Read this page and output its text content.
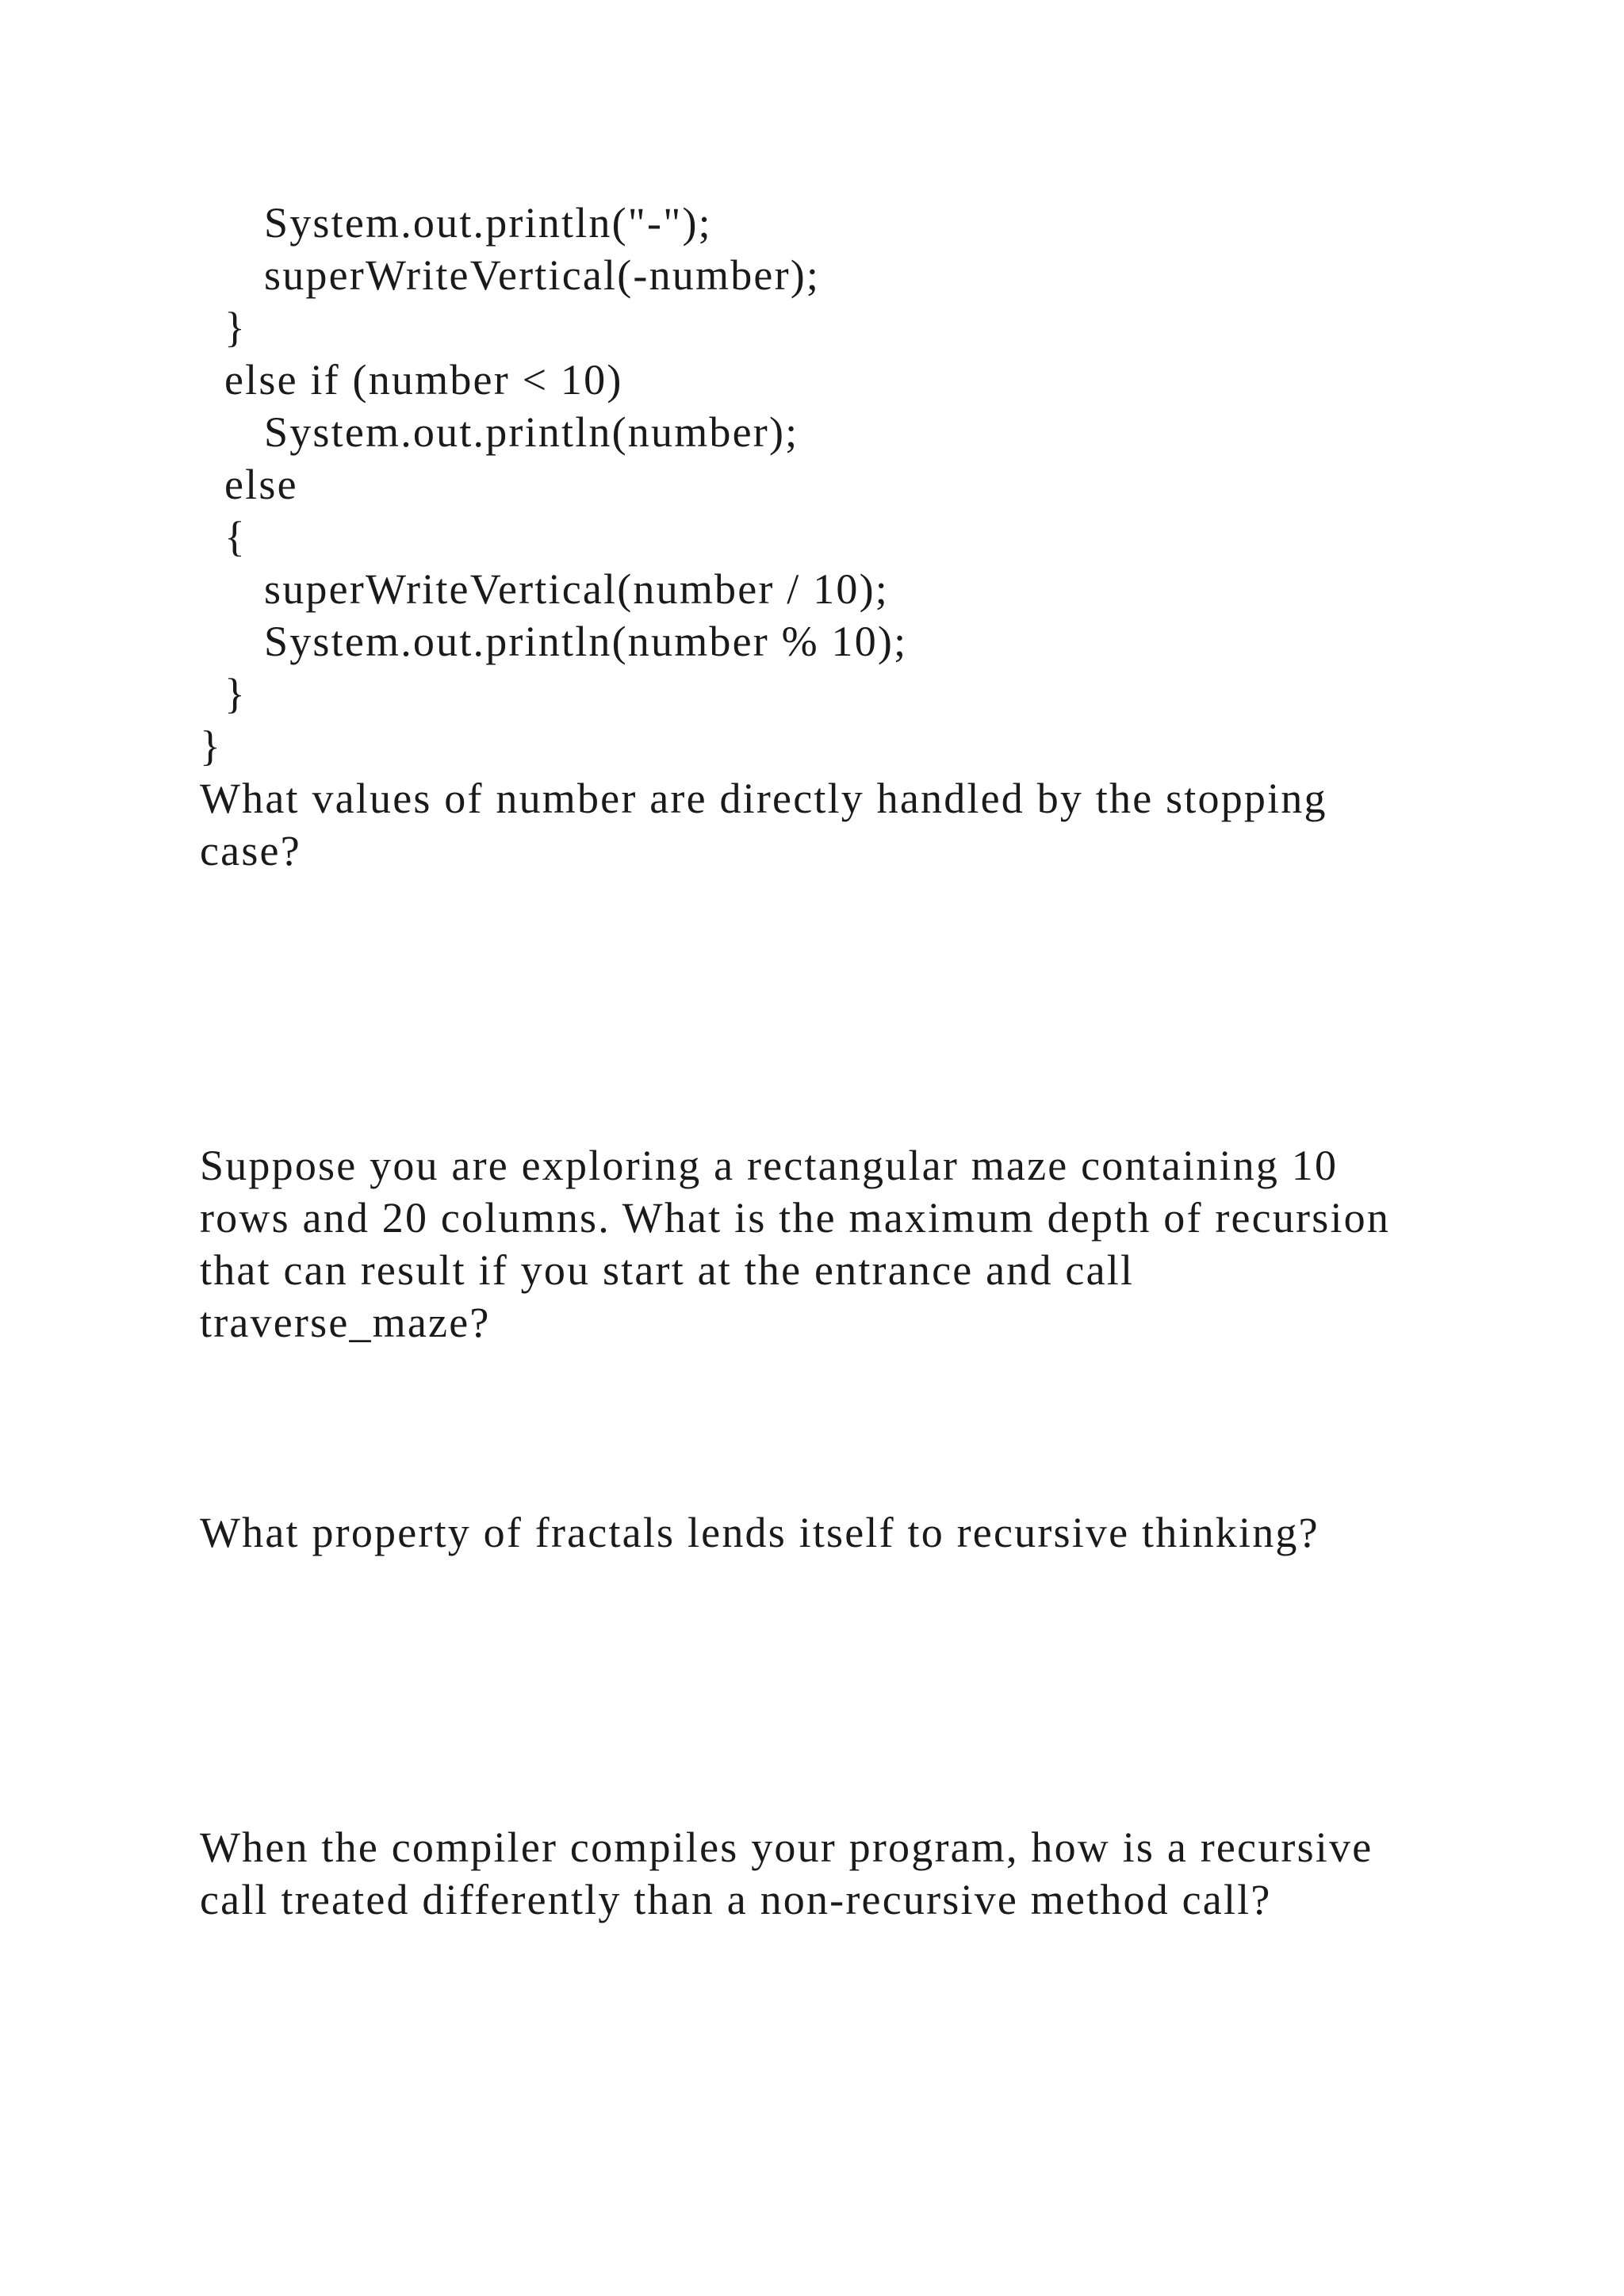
System.out.println("-");

superWriteVertical(-number);

}

else if (number < 10)

System.out.println(number);

else

{

superWriteVertical(number / 10);

System.out.println(number % 10);

}

}

What values of number are directly handled by the stopping

case?

Suppose you are exploring a rectangular maze containing 10

rows and 20 columns. What is the maximum depth of recursion

that can result if you start at the entrance and call

traverse_maze?

What property of fractals lends itself to recursive thinking?

When the compiler compiles your program, how is a recursive

call treated differently than a non-recursive method call?
